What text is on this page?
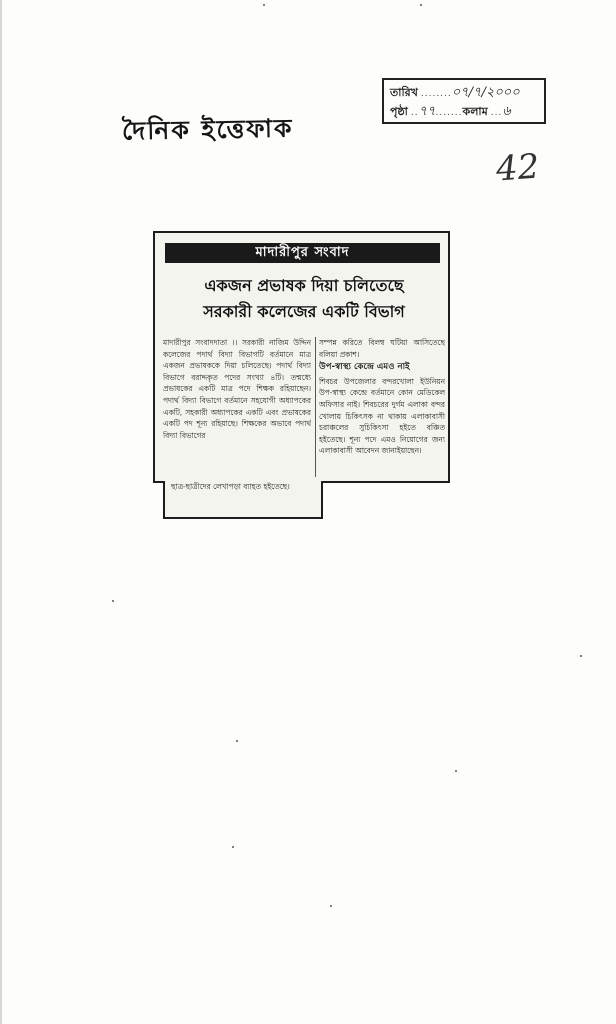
দৈনিক ইত্তেফাক
তারিখ ........ ০৭/৭/২০০০
পৃষ্ঠা .. ৭৭ ....... কলাম ... ৬
42
মাদারীপুর সংবাদ
একজন প্রভাষক দিয়া চলিতেছে
সরকারী কলেজের একটি বিভাগ
মাদারীপুর সংবাদদাতা ।। সরকারী নাজিম উদ্দিন কলেজের পদার্থ বিদ্যা বিভাগটি বর্তমানে মাত্র একজন প্রভাষককে দিয়া চলিতেছে। পদার্থ বিদ্যা বিভাগে বরাদ্দকৃত পদের সংখ্যা ৪টি। তন্মধ্যে প্রভাষকের একটি মাত্র পদে শিক্ষক রহিয়াছেন। পদার্থ বিদ্যা বিভাগে বর্তমানে সহযোগী অধ্যাপকের একটি, সহকারী অধ্যাপকের একটি এবং প্রভাষকের একটি পদ শূন্য রহিয়াছে। শিক্ষকের অভাবে পদার্থ বিদ্যা বিভাগের
সম্পন্ন করিতে বিলম্ব ঘটিয়া আসিতেছে বলিয়া প্রকাশ।
উপ-স্বাস্থ্য কেন্দ্রে এমও নাই
শিবচর উপজেলার বন্দরখোলা ইউনিয়ন উপ-স্বাস্থ্য কেন্দ্রে বর্তমানে কোন মেডিকেল অফিসার নাই। শিবচরের দুর্গম এলাকা বন্দর খোলায় চিকিৎসক না থাকায় এলাকাবাসী চরাঞ্চলের সুচিকিৎসা হইতে বঞ্চিত হইতেছে। শূন্য পদে এমও নিয়োগের জন্য এলাকাবাসী আবেদন জানাইয়াছেন।
ছাত্র-ছাত্রীদের লেখাপড়া ব্যাহত হইতেছে।
